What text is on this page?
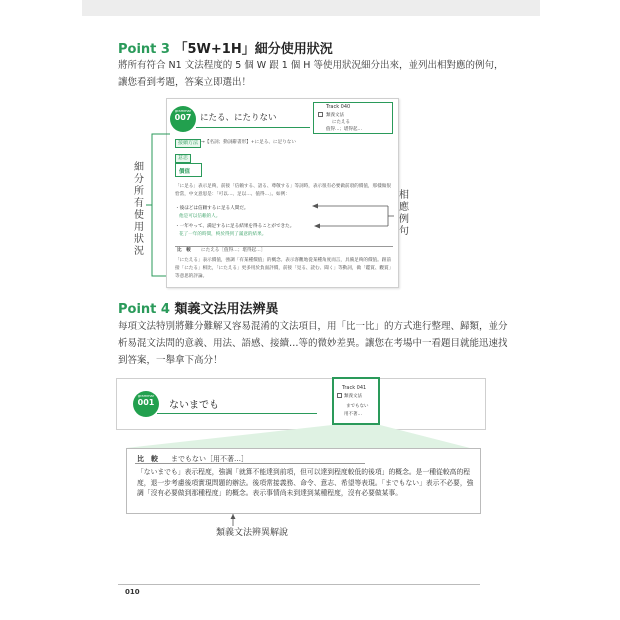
Point 3 「5W+1H」細分使用狀況
將所有符合 N1 文法程度的 5 個 W 跟 1 個 H 等使用狀況細分出來，並列出相對應的例句，讓您看到考題，答案立即選出！
grammar
007	にたる、にたりない
Track 040
類義文法
にたえる
值得…；堪得起…
接續方法 →【名詞；動詞辭書形】+に足る、に足りない
意思
價值
「に足る」表示足夠，前接「信賴する、語る、尊敬する」等詞時，表示很有必要做前項的價值，那樣做很恰當，中文意思是：「可以…、足以…、值得…」。如例：
・彼ほどは信頼するに足る人間だ。
他是可以信賴的人。
・一年やって、満足するに足る結果を得ることができた。
花了一年的時間，終於得到了滿意的結果。
比　較 にたえる［值得…；堪得起…］
「にたえる」表示價值，強調「有某種價值」的概念。表示客觀地從某種角度而言，具備足夠的價值。跟前接「にたる」相比，「にたえる」更多用於負面評價，前接「見る、読む、聞く」等動詞，做「鑑賞、觀賞」等意思的評論。
細分所有使用狀況
相應例句
Point 4 類義文法用法辨異
每項文法特別將難分難解又容易混淆的文法項目，用「比一比」的方式進行整理、歸類，並分析易混文法問的意義、用法、語感、接續…等的微妙差異。讓您在考場中一看題目就能迅速找到答案，一舉拿下高分！
grammar
001	ないまでも
Track 041
類義文法
までもない
用不著…
比　較 までもない［用不著…］
「ないまでも」表示程度，強調「就算不能達到前項，但可以達到程度較低的後項」的概念。是一種從較高的程度，退一步考慮後項實現問題的辦法。後項常接義務、命令、意志、希望等表現。「までもない」表示不必要，強調「沒有必要做到那種程度」的概念。表示事情尚未到達到某種程度，沒有必要做某事。
類義文法辨異解說
010
